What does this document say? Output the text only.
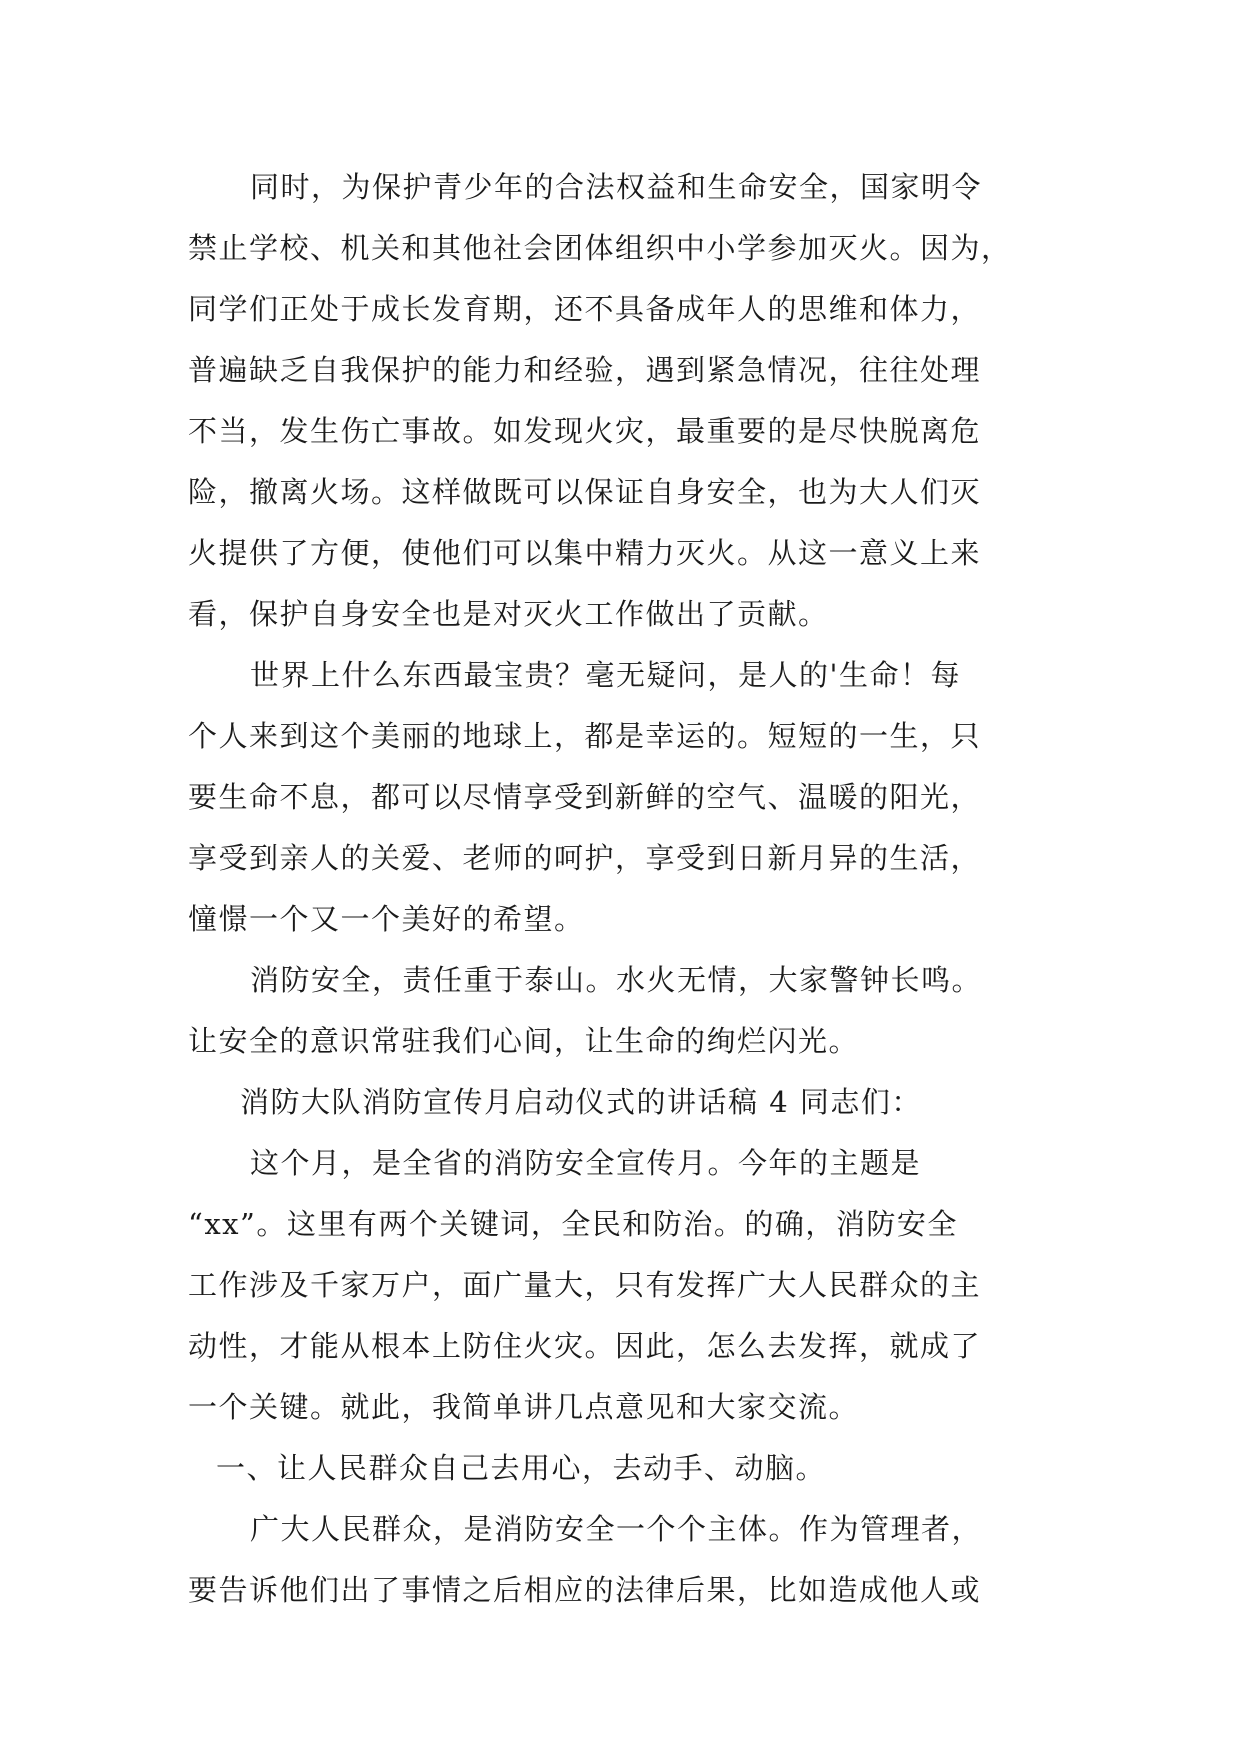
同时，为保护青少年的合法权益和生命安全，国家明令
禁止学校、机关和其他社会团体组织中小学参加灭火。因为，
同学们正处于成长发育期，还不具备成年人的思维和体力，
普遍缺乏自我保护的能力和经验，遇到紧急情况，往往处理
不当，发生伤亡事故。如发现火灾，最重要的是尽快脱离危
险，撤离火场。这样做既可以保证自身安全，也为大人们灭
火提供了方便，使他们可以集中精力灭火。从这一意义上来
看，保护自身安全也是对灭火工作做出了贡献。
世界上什么东西最宝贵？毫无疑问，是人的'生命！每
个人来到这个美丽的地球上，都是幸运的。短短的一生，只
要生命不息，都可以尽情享受到新鲜的空气、温暖的阳光，
享受到亲人的关爱、老师的呵护，享受到日新月异的生活，
憧憬一个又一个美好的希望。
消防安全，责任重于泰山。水火无情，大家警钟长鸣。
让安全的意识常驻我们心间，让生命的绚烂闪光。
消防大队消防宣传月启动仪式的讲话稿 4 同志们：
这个月，是全省的消防安全宣传月。今年的主题是
“xx”。这里有两个关键词，全民和防治。的确，消防安全
工作涉及千家万户，面广量大，只有发挥广大人民群众的主
动性，才能从根本上防住火灾。因此，怎么去发挥，就成了
一个关键。就此，我简单讲几点意见和大家交流。
一、让人民群众自己去用心，去动手、动脑。
广大人民群众，是消防安全一个个主体。作为管理者，
要告诉他们出了事情之后相应的法律后果，比如造成他人或
